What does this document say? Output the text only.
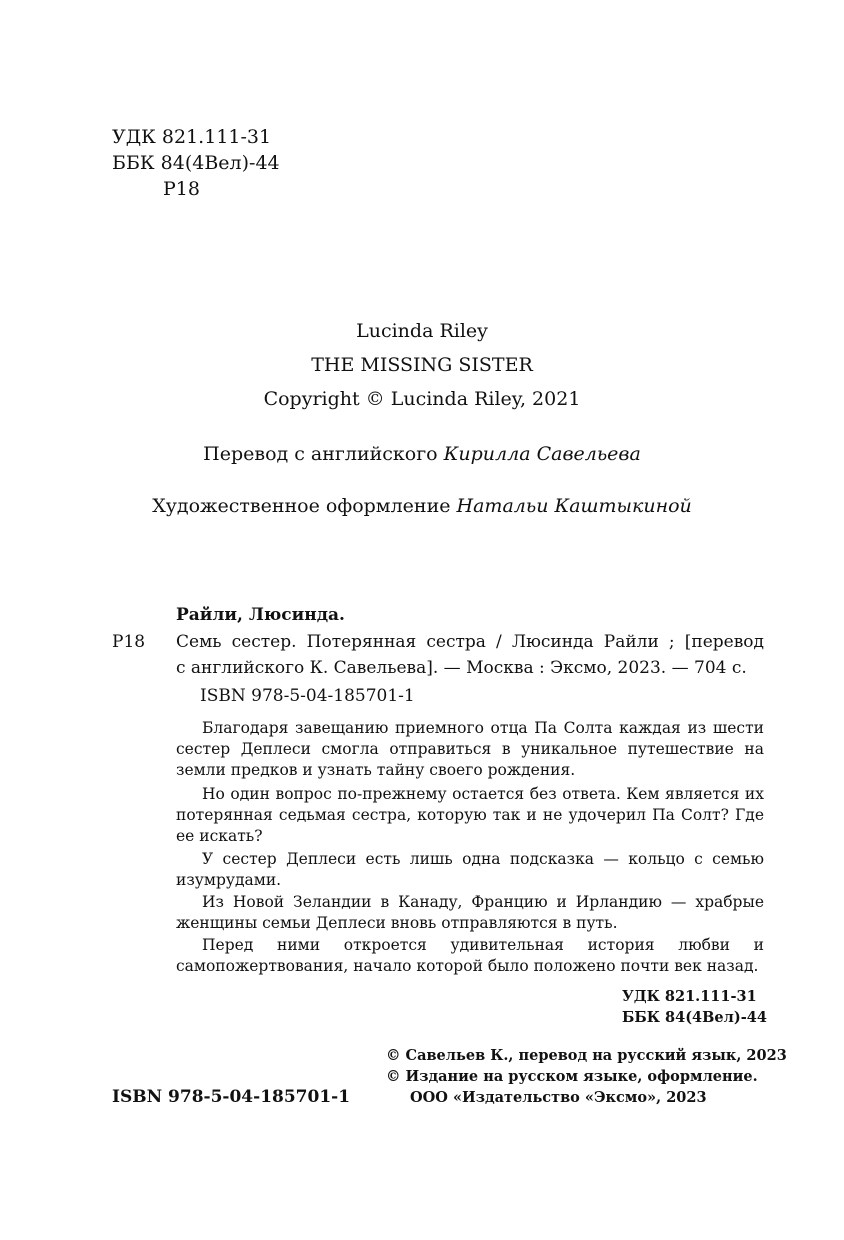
УДК 821.111-31
ББК 84(4Вел)-44
Р18
Lucinda Riley
THE MISSING SISTER
Copyright © Lucinda Riley, 2021
Перевод с английского Кирилла Савельева
Художественное оформление Натальи Каштыкиной
Райли, Люсинда.
Р18 Семь сестер. Потерянная сестра / Люсинда Райли ; [перевод
с английского К. Савельева]. — Москва : Эксмо, 2023. — 704 с.
ISBN 978-5-04-185701-1

Благодаря завещанию приемного отца Па Солта каждая из шести сестер Деплеси смогла отправиться в уникальное путешествие на земли предков и узнать тайну своего рождения.

Но один вопрос по-прежнему остается без ответа. Кем является их потерянная седьмая сестра, которую так и не удочерил Па Солт? Где ее искать?

У сестер Деплеси есть лишь одна подсказка — кольцо с семью изумрудами.

Из Новой Зеландии в Канаду, Францию и Ирландию — храбрые женщины семьи Деплеси вновь отправляются в путь.

Перед ними откроется удивительная история любви и самопожертвования, начало которой было положено почти век назад.

УДК 821.111-31
ББК 84(4Вел)-44
ISBN 978-5-04-185701-1
© Савельев К., перевод на русский язык, 2023
© Издание на русском языке, оформление.
ООО «Издательство «Эксмо», 2023
